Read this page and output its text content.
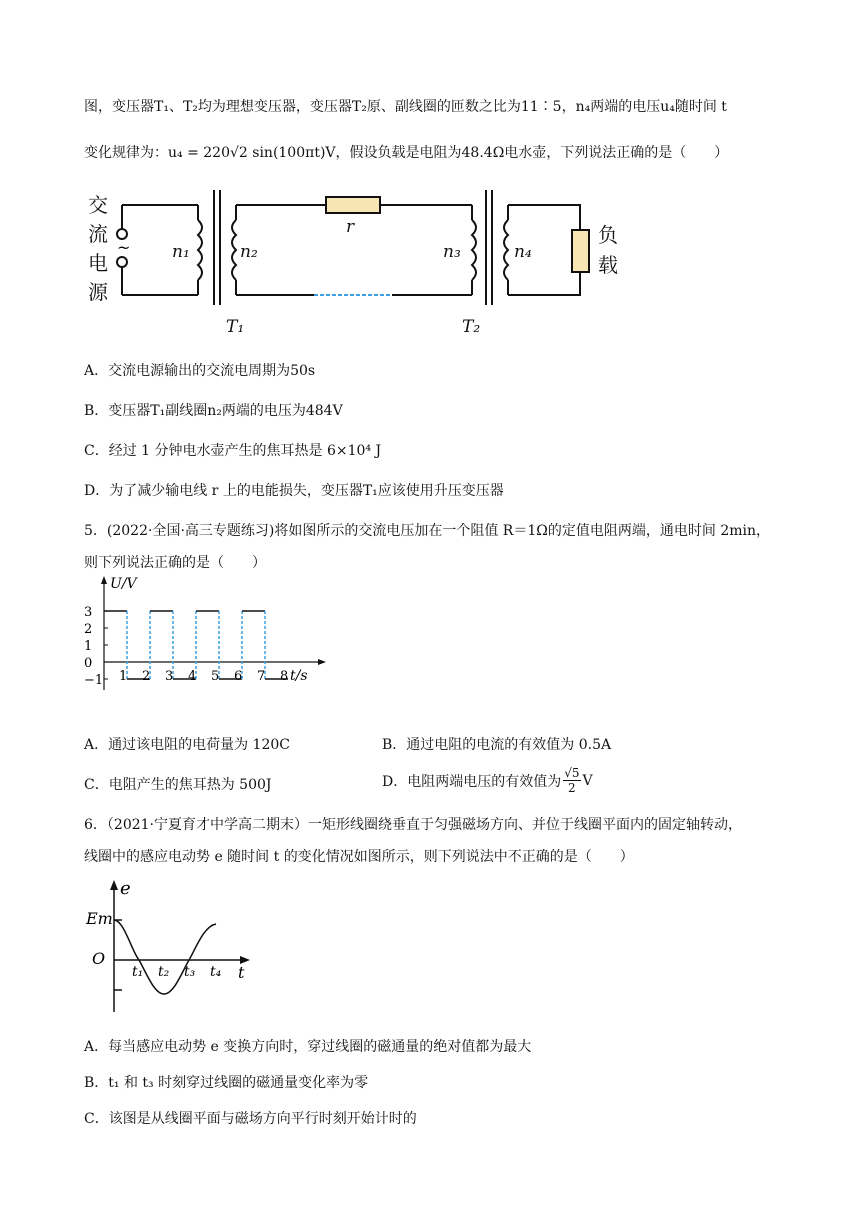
图，变压器T₁、T₂均为理想变压器，变压器T₂原、副线圈的匝数之比为11∶5，n₄两端的电压u₄随时间 t
变化规律为：u₄ = 220√2 sin(100πt)V，假设负载是电阻为48.4Ω电水壶，下列说法正确的是（　　）
交
流
电
源
负
载
~ n₁	n₂	n₃	n₄
r
T₁	T₂
A．交流电源输出的交流电周期为50s
B．变压器T₁副线圈n₂两端的电压为484V
C．经过 1 分钟电水壶产生的焦耳热是 6×10⁴ J
D．为了减少输电线 r 上的电能损失，变压器T₁应该使用升压变压器
5．(2022·全国·高三专题练习)将如图所示的交流电压加在一个阻值 R＝1Ω的定值电阻两端，通电时间 2min，
则下列说法正确的是（　　）
3
2
1
0
−1
U/V
1 2 3 4 5 6 7 8 t/s
A．通过该电阻的电荷量为 120C	B．通过电阻的电流的有效值为 0.5A
C．电阻产生的焦耳热为 500J	D．电阻两端电压的有效值为 $\frac{√5}{2}$ V
6．（2021·宁夏育才中学高二期末）一矩形线圈绕垂直于匀强磁场方向、并位于线圈平面内的固定轴转动，
线圈中的感应电动势 e 随时间 t 的变化情况如图所示，则下列说法中不正确的是（　　）
e
Em
O
t₁ t₂ t₃ t₄ t
A．每当感应电动势 e 变换方向时，穿过线圈的磁通量的绝对值都为最大
B．t₁ 和 t₃ 时刻穿过线圈的磁通量变化率为零
C．该图是从线圈平面与磁场方向平行时刻开始计时的
